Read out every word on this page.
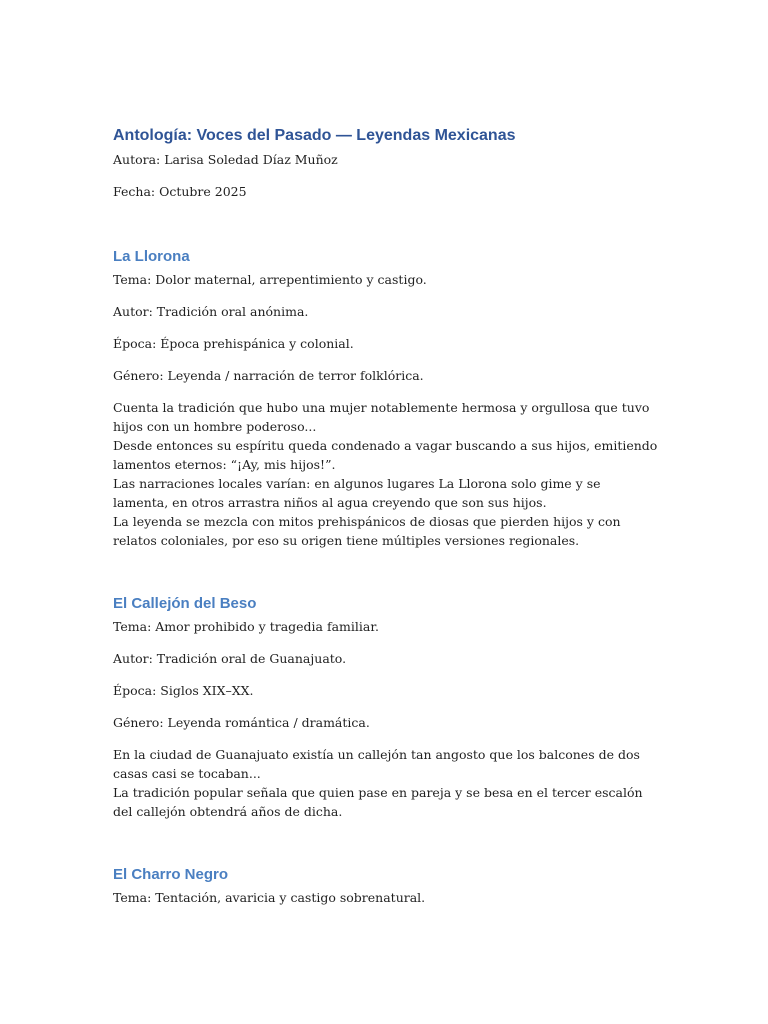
Antología: Voces del Pasado — Leyendas Mexicanas

Autora: Larisa Soledad Díaz Muñoz

Fecha: Octubre 2025

La Llorona

Tema: Dolor maternal, arrepentimiento y castigo.

Autor: Tradición oral anónima.

Época: Época prehispánica y colonial.

Género: Leyenda / narración de terror folklórica.

Cuenta la tradición que hubo una mujer notablemente hermosa y orgullosa que tuvo hijos con un hombre poderoso...

Desde entonces su espíritu queda condenado a vagar buscando a sus hijos, emitiendo lamentos eternos: “¡Ay, mis hijos!”.

Las narraciones locales varían: en algunos lugares La Llorona solo gime y se lamenta, en otros arrastra niños al agua creyendo que son sus hijos.

La leyenda se mezcla con mitos prehispánicos de diosas que pierden hijos y con relatos coloniales, por eso su origen tiene múltiples versiones regionales.

El Callejón del Beso

Tema: Amor prohibido y tragedia familiar.

Autor: Tradición oral de Guanajuato.

Época: Siglos XIX–XX.

Género: Leyenda romántica / dramática.

En la ciudad de Guanajuato existía un callejón tan angosto que los balcones de dos casas casi se tocaban...

La tradición popular señala que quien pase en pareja y se besa en el tercer escalón del callejón obtendrá años de dicha.

El Charro Negro

Tema: Tentación, avaricia y castigo sobrenatural.
